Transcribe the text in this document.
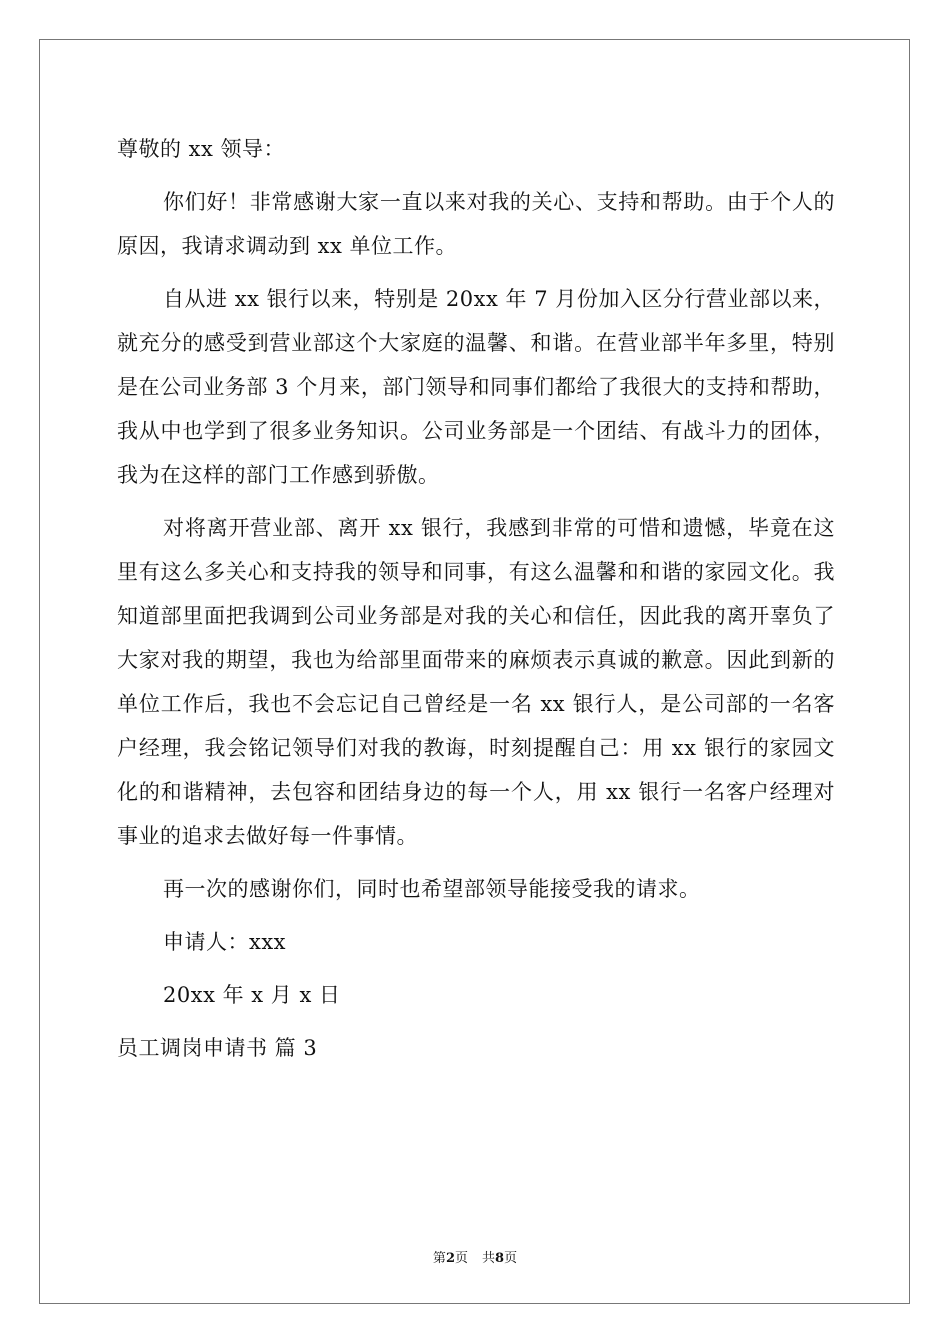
尊敬的 xx 领导：

你们好！非常感谢大家一直以来对我的关心、支持和帮助。由于个人的原因，我请求调动到 xx 单位工作。

自从进 xx 银行以来，特别是 20xx 年 7 月份加入区分行营业部以来，就充分的感受到营业部这个大家庭的温馨、和谐。在营业部半年多里，特别是在公司业务部 3 个月来，部门领导和同事们都给了我很大的支持和帮助，我从中也学到了很多业务知识。公司业务部是一个团结、有战斗力的团体，我为在这样的部门工作感到骄傲。

对将离开营业部、离开 xx 银行，我感到非常的可惜和遗憾，毕竟在这里有这么多关心和支持我的领导和同事，有这么温馨和和谐的家园文化。我知道部里面把我调到公司业务部是对我的关心和信任，因此我的离开辜负了大家对我的期望，我也为给部里面带来的麻烦表示真诚的歉意。因此到新的单位工作后，我也不会忘记自己曾经是一名 xx 银行人，是公司部的一名客户经理，我会铭记领导们对我的教诲，时刻提醒自己：用 xx 银行的家园文化的和谐精神，去包容和团结身边的每一个人，用 xx 银行一名客户经理对事业的追求去做好每一件事情。

再一次的感谢你们，同时也希望部领导能接受我的请求。

申请人：xxx

20xx 年 x 月 x 日

员工调岗申请书 篇 3

第2页 共8页
